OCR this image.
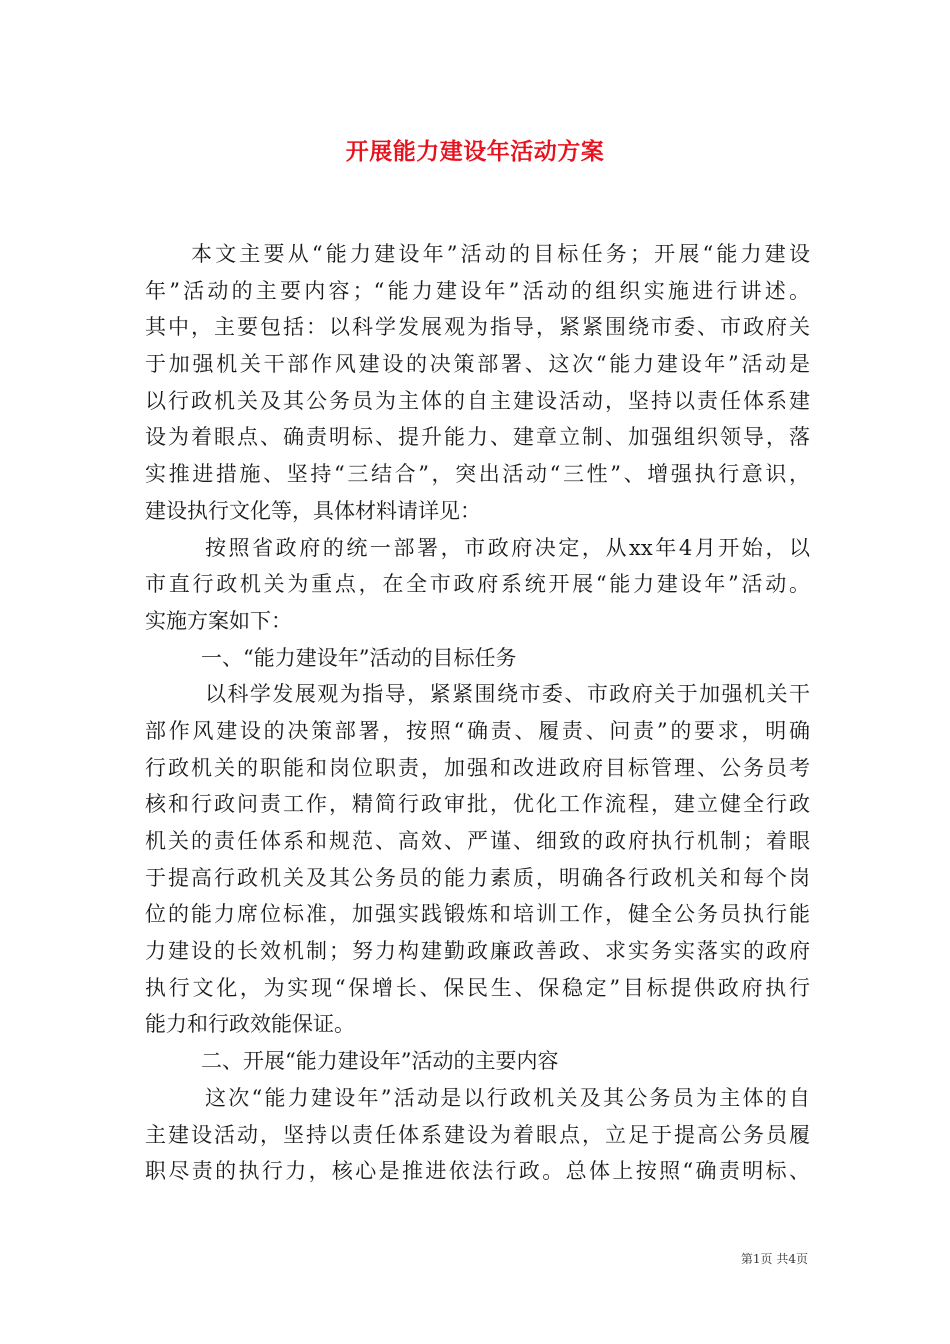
开展能力建设年活动方案
本文主要从“能力建设年”活动的目标任务；开展“能力建设
年”活动的主要内容；“能力建设年”活动的组织实施进行讲述。
其中，主要包括：以科学发展观为指导，紧紧围绕市委、市政府关
于加强机关干部作风建设的决策部署、这次“能力建设年”活动是
以行政机关及其公务员为主体的自主建设活动，坚持以责任体系建
设为着眼点、确责明标、提升能力、建章立制、加强组织领导，落
实推进措施、坚持“三结合”，突出活动“三性”、增强执行意识，
建设执行文化等，具体材料请详见：
按照省政府的统一部署，市政府决定，从xx年4月开始，以
市直行政机关为重点，在全市政府系统开展“能力建设年”活动。
实施方案如下：
一、“能力建设年”活动的目标任务
以科学发展观为指导，紧紧围绕市委、市政府关于加强机关干
部作风建设的决策部署，按照“确责、履责、问责”的要求，明确
行政机关的职能和岗位职责，加强和改进政府目标管理、公务员考
核和行政问责工作，精简行政审批，优化工作流程，建立健全行政
机关的责任体系和规范、高效、严谨、细致的政府执行机制；着眼
于提高行政机关及其公务员的能力素质，明确各行政机关和每个岗
位的能力席位标准，加强实践锻炼和培训工作，健全公务员执行能
力建设的长效机制；努力构建勤政廉政善政、求实务实落实的政府
执行文化，为实现“保增长、保民生、保稳定”目标提供政府执行
能力和行政效能保证。
二、开展“能力建设年”活动的主要内容
这次“能力建设年”活动是以行政机关及其公务员为主体的自
主建设活动，坚持以责任体系建设为着眼点，立足于提高公务员履
职尽责的执行力，核心是推进依法行政。总体上按照“确责明标、
第1页 共4页
